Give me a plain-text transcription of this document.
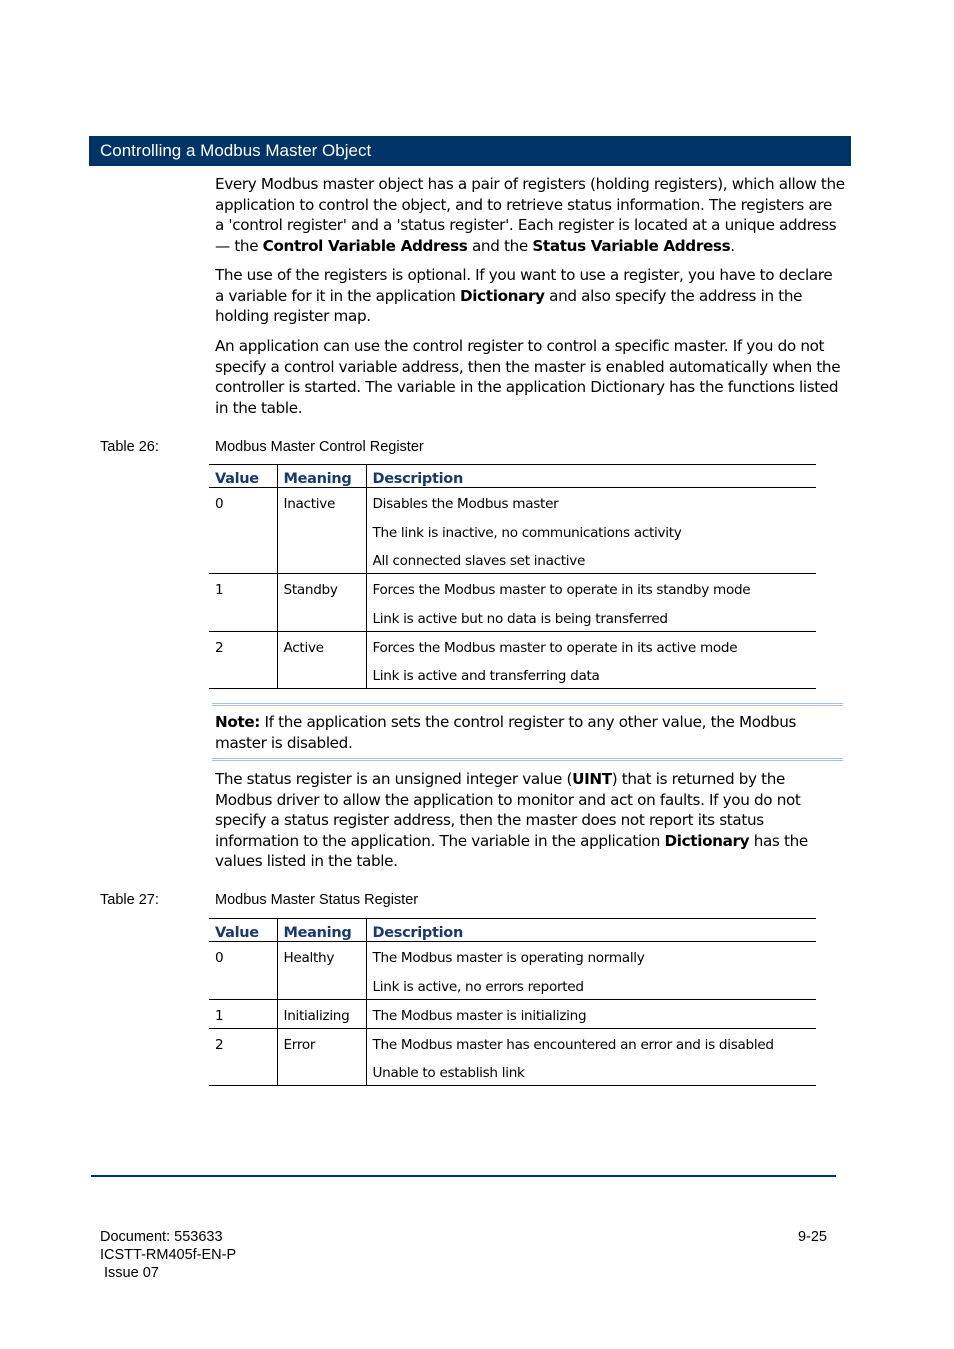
Controlling a Modbus Master Object
Every Modbus master object has a pair of registers (holding registers), which allow the application to control the object, and to retrieve status information. The registers are a 'control register' and a 'status register'. Each register is located at a unique address — the Control Variable Address and the Status Variable Address.
The use of the registers is optional. If you want to use a register, you have to declare a variable for it in the application Dictionary and also specify the address in the holding register map.
An application can use the control register to control a specific master. If you do not specify a control variable address, then the master is enabled automatically when the controller is started. The variable in the application Dictionary has the functions listed in the table.
Table 26:	Modbus Master Control Register
Value	Meaning	Description
0	Inactive	Disables the Modbus master
The link is inactive, no communications activity
All connected slaves set inactive

1	Standby	Forces the Modbus master to operate in its standby mode
Link is active but no data is being transferred

2	Active	Forces the Modbus master to operate in its active mode
Link is active and transferring data
Note: If the application sets the control register to any other value, the Modbus master is disabled.
The status register is an unsigned integer value (UINT) that is returned by the Modbus driver to allow the application to monitor and act on faults. If you do not specify a status register address, then the master does not report its status information to the application. The variable in the application Dictionary has the values listed in the table.
Table 27:	Modbus Master Status Register
Value	Meaning	Description
0	Healthy	The Modbus master is operating normally
Link is active, no errors reported

1	Initializing	The Modbus master is initializing

2	Error	The Modbus master has encountered an error and is disabled
Unable to establish link
Document: 553633
ICSTT-RM405f-EN-P
Issue 07
9-25
